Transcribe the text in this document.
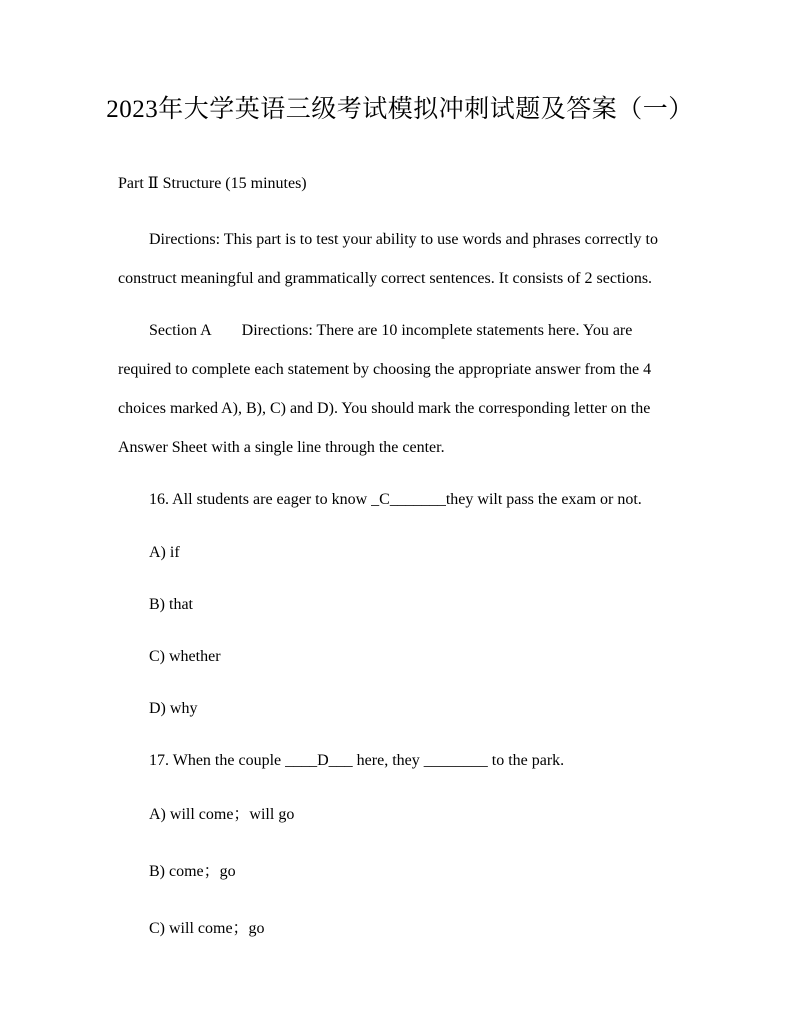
2023年大学英语三级考试模拟冲刺试题及答案（一）
Part Ⅱ Structure (15 minutes)
Directions: This part is to test your ability to use words and phrases correctly to
construct meaningful and grammatically correct sentences. It consists of 2 sections.
Section A Directions: There are 10 incomplete statements here. You are
required to complete each statement by choosing the appropriate answer from the 4
choices marked A), B), C) and D). You should mark the corresponding letter on the
Answer Sheet with a single line through the center.
16. All students are eager to know _C_______they wilt pass the exam or not.
A) if
B) that
C) whether
D) why
17. When the couple ____D___ here, they ________ to the park.
A) will come；will go
B) come；go
C) will come；go
